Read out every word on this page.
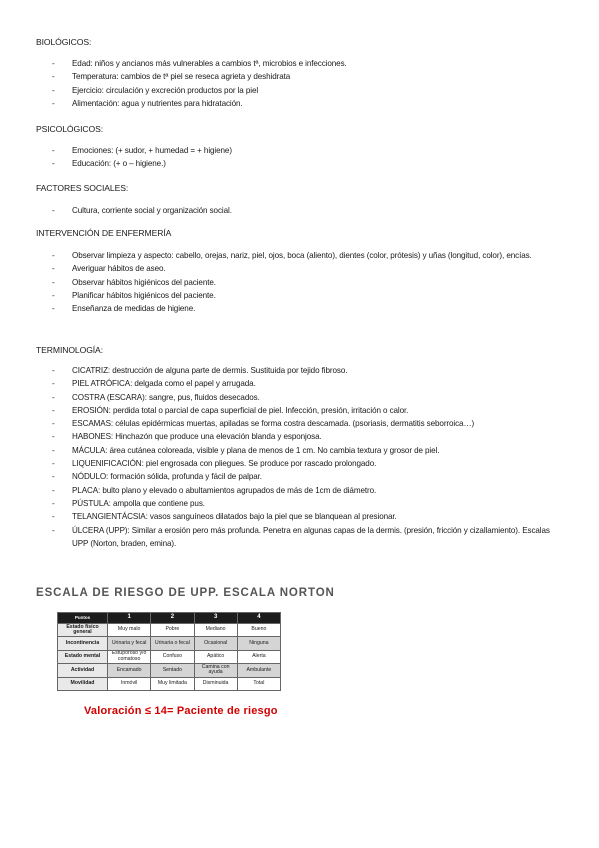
BIOLÓGICOS:
- Edad: niños y ancianos más vulnerables a cambios tª, microbios e infecciones.
- Temperatura: cambios de tª piel se reseca agrieta y deshidrata
- Ejercicio: circulación y excreción productos por la piel
- Alimentación: agua y nutrientes para hidratación.
PSICOLÓGICOS:
- Emociones: (+ sudor, + humedad = + higiene)
- Educación: (+ o – higiene.)
FACTORES SOCIALES:
- Cultura, corriente social y organización social.
INTERVENCIÓN DE ENFERMERÍA
- Observar limpieza y aspecto: cabello, orejas, nariz, piel, ojos, boca (aliento), dientes (color, prótesis) y uñas (longitud, color), encías.
- Averiguar hábitos de aseo.
- Observar hábitos higiénicos del paciente.
- Planificar hábitos higiénicos del paciente.
- Enseñanza de medidas de higiene.
TERMINOLOGÍA:
- CICATRIZ: destrucción de alguna parte de dermis. Sustituida por tejido fibroso.
- PIEL ATRÓFICA: delgada como el papel y arrugada.
- COSTRA (ESCARA): sangre, pus, fluidos desecados.
- EROSIÓN: perdida total o parcial de capa superficial de piel. Infección, presión, irritación o calor.
- ESCAMAS: células epidérmicas muertas, apiladas se forma costra descamada. (psoriasis, dermatitis seborroica…)
- HABONES: Hinchazón que produce una elevación blanda y esponjosa.
- MÁCULA: área cutánea coloreada, visible y plana de menos de 1 cm. No cambia textura y grosor de piel.
- LIQUENIFICACIÓN: piel engrosada con pliegues. Se produce por rascado prolongado.
- NÓDULO: formación sólida, profunda y fácil de palpar.
- PLACA: bulto plano y elevado o abultamientos agrupados de más de 1cm de diámetro.
- PÚSTULA: ampolla que contiene pus.
- TELANGIENTÁCSIA: vasos sanguíneos dilatados bajo la piel que se blanquean al presionar.
- ÚLCERA (UPP): Similar a erosión pero más profunda. Penetra en algunas capas de la dermis. (presión, fricción y cizallamiento). Escalas UPP (Norton, braden, emina).
ESCALA DE RIESGO DE UPP. ESCALA NORTON
Puntos	1	2	3	4
Estado físico general	Muy malo	Pobre	Mediano	Bueno
Incontinencia	Urinaria y fecal	Urinaria o fecal	Ocasional	Ninguna
Estado mental	Estuporoso y/o comatoso	Confuso	Apático	Alerta
Actividad	Encamado	Sentado	Camina con ayuda	Ambulante
Movilidad	Inmóvil	Muy limitada	Disminuida	Total
Valoración ≤ 14= Paciente de riesgo
